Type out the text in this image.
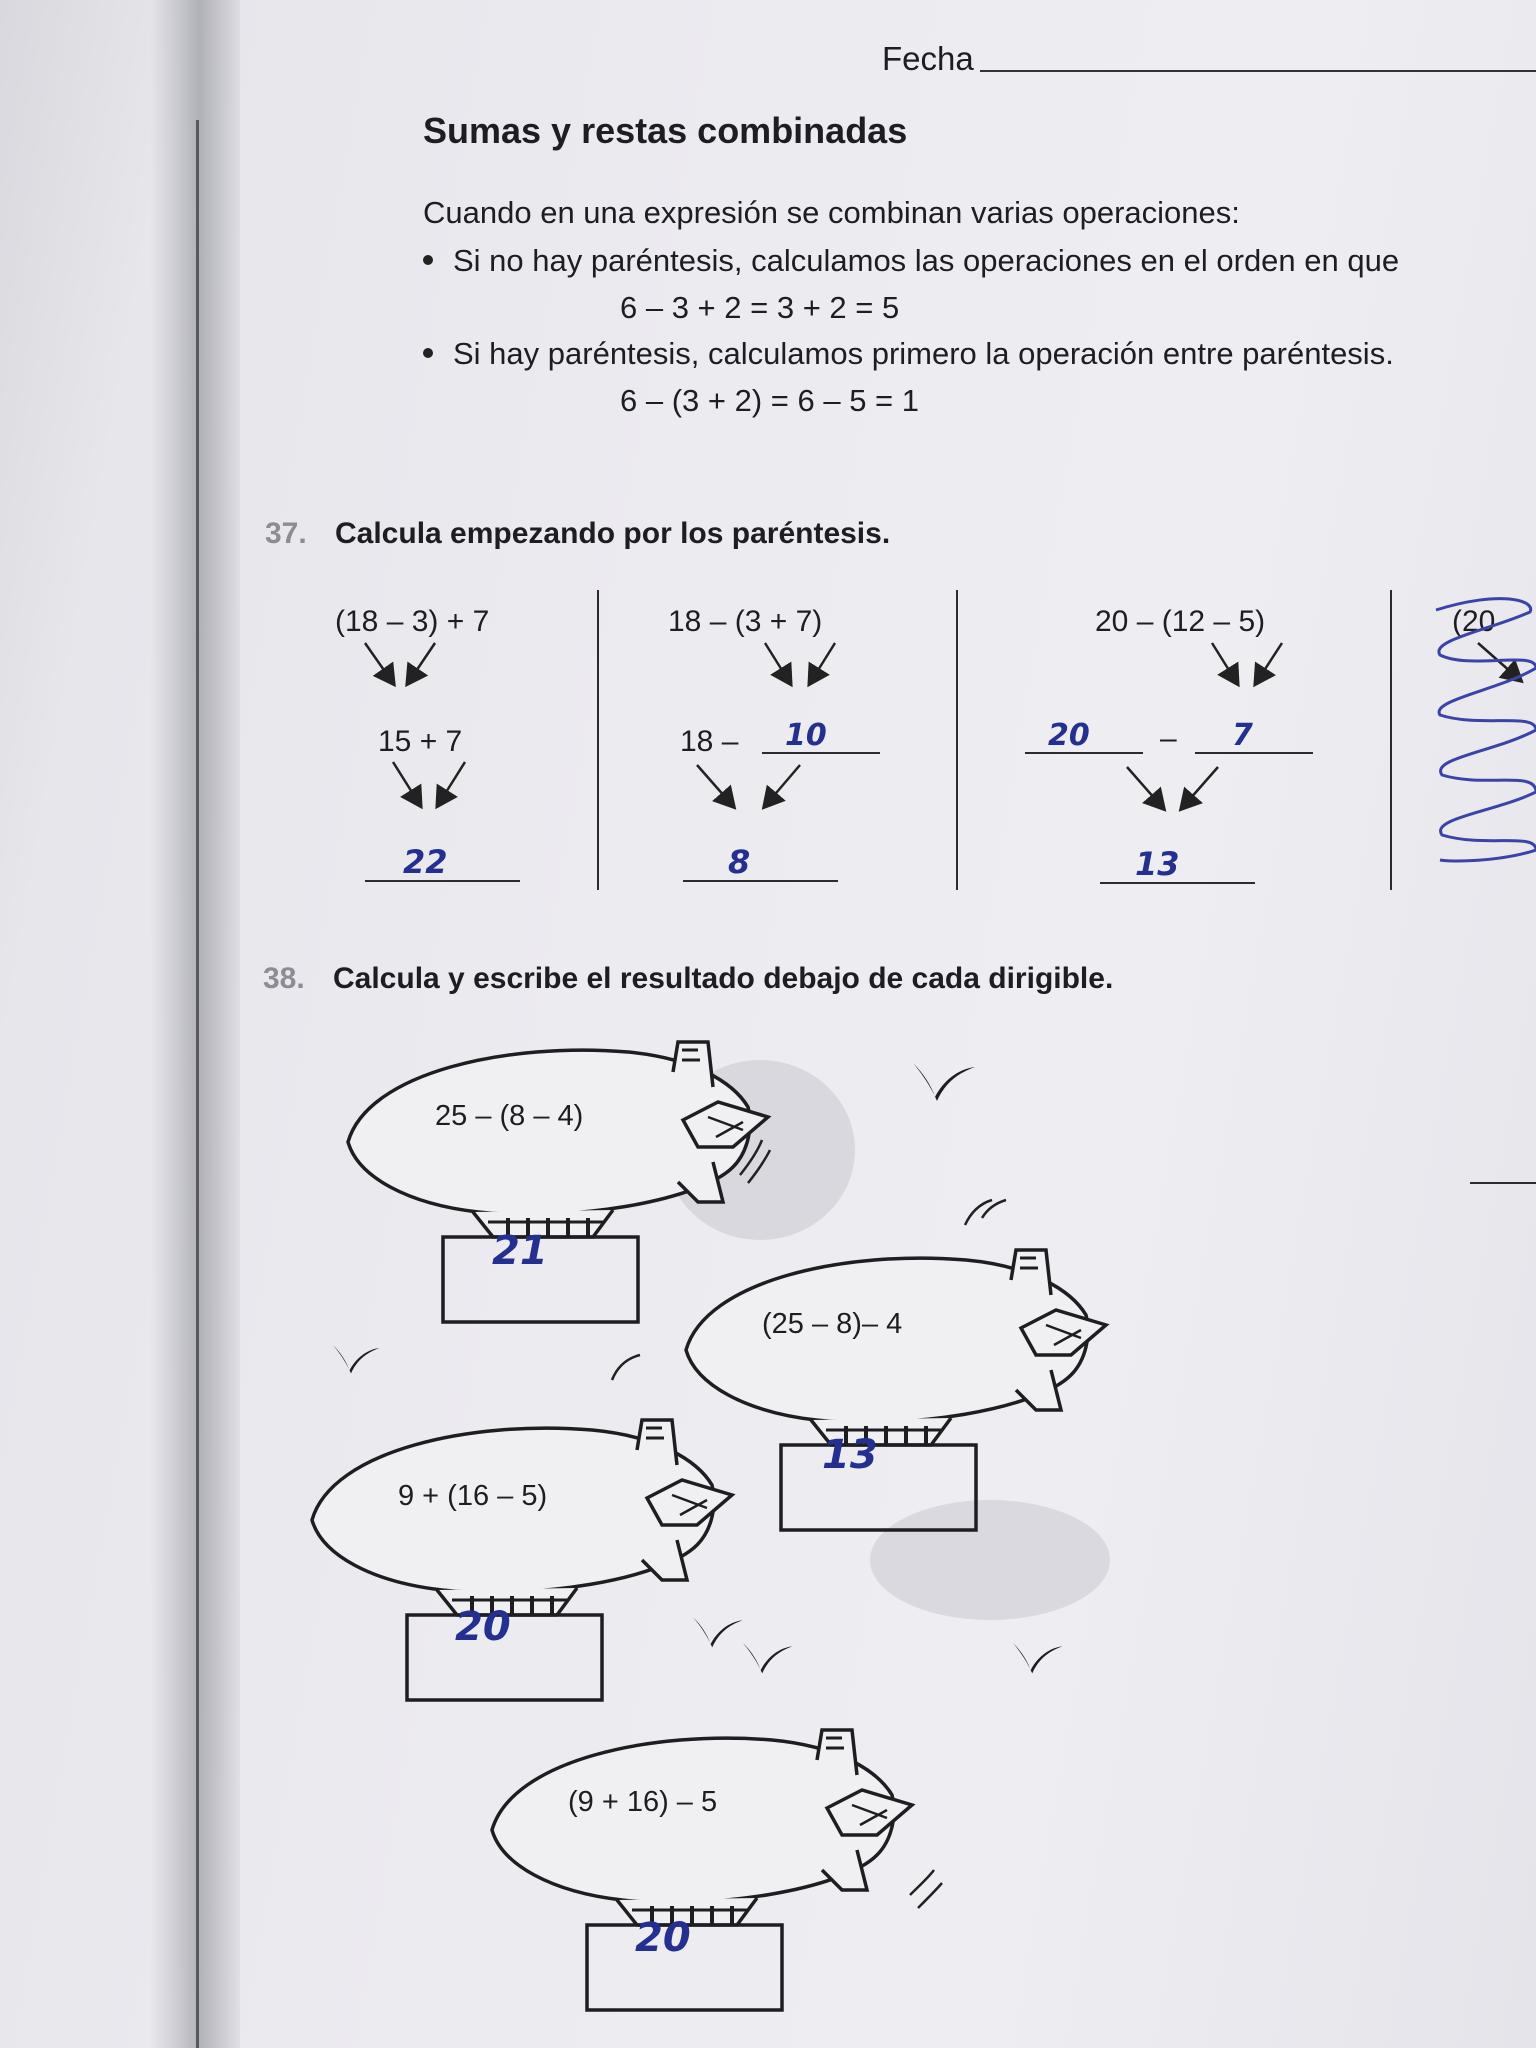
Fecha
Sumas y restas combinadas
Cuando en una expresión se combinan varias operaciones:
Si no hay paréntesis, calculamos las operaciones en el orden en que
6 – 3 + 2 = 3 + 2 = 5
Si hay paréntesis, calculamos primero la operación entre paréntesis.
6 – (3 + 2) = 6 – 5 = 1
37. Calcula empezando por los paréntesis.
(18 – 3) + 7
15 + 7
22
18 – (3 + 7)
18 – 10
8
20 – (12 – 5)
20 – 7
13
(20
38. Calcula y escribe el resultado debajo de cada dirigible.
25 – (8 – 4)
21
(25 – 8)– 4
13
9 + (16 – 5)
20
(9 + 16) – 5
20
